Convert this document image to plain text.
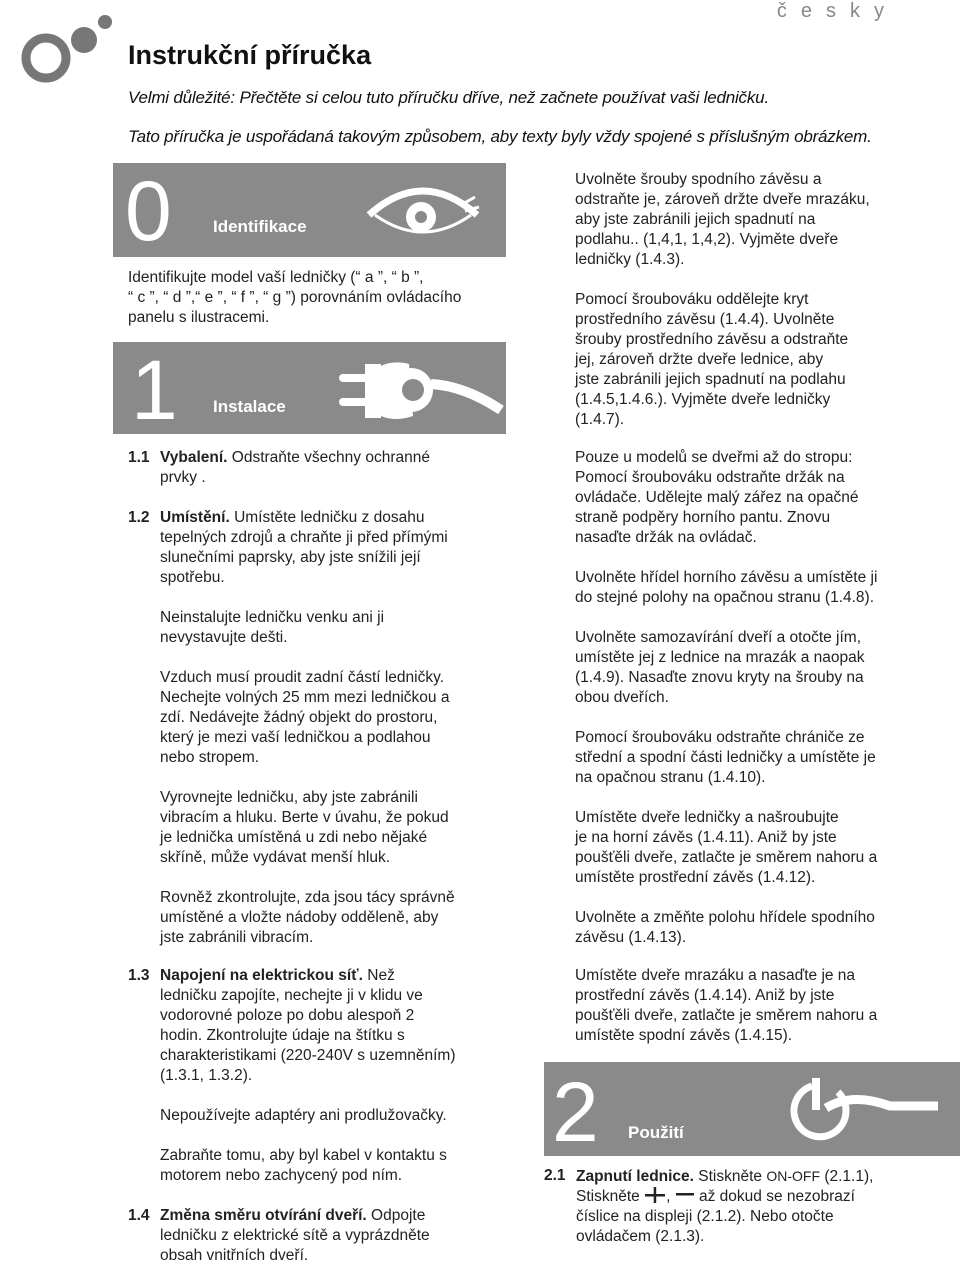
česky
Instrukční příručka
Velmi důležité: Přečtěte si celou tuto příručku dříve, než začnete používat vaši ledničku.
Tato příručka je uspořádaná takovým způsobem, aby texty byly vždy spojené s příslušným obrázkem.
0 Identifikace

Identifikujte model vaší ledničky (“ a ”, “ b ”,

“ c ”, “ d ”,“ e ”, “ f ”, “ g ”) porovnáním ovládacího

panelu s ilustracemi.

1 Instalace
1.1 Vybalení. Odstraňte všechny ochranné
prvky .
1.2 Umístění. Umístěte ledničku z dosahu
tepelných zdrojů a chraňte ji před přímými
slunečními paprsky, aby jste snížili její
spotřebu.
Neinstalujte ledničku venku ani ji
nevystavujte dešti.
Vzduch musí proudit zadní částí ledničky.
Nechejte volných 25 mm mezi ledničkou a
zdí. Nedávejte žádný objekt do prostoru,
který je mezi vaší ledničkou a podlahou
nebo stropem.
Vyrovnejte ledničku, aby jste zabránili
vibracím a hluku. Berte v úvahu, že pokud
je lednička umístěná u zdi nebo nějaké
skříně, může vydávat menší hluk.
Rovněž zkontrolujte, zda jsou tácy správně
umístěné a vložte nádoby odděleně, aby
jste zabránili vibracím.
1.3 Napojení na elektrickou síť. Než
ledničku zapojíte, nechejte ji v klidu ve
vodorovné poloze po dobu alespoň 2
hodin. Zkontrolujte údaje na štítku s
charakteristikami (220-240V s uzemněním)
(1.3.1, 1.3.2).
Nepoužívejte adaptéry ani prodlužovačky.
Zabraňte tomu, aby byl kabel v kontaktu s
motorem nebo zachycený pod ním.
1.4 Změna směru otvírání dveří. Odpojte
ledničku z elektrické sítě a vyprázdněte
obsah vnitřních dveří.
Uvolněte šrouby spodního závěsu a
odstraňte je, zároveň držte dveře mrazáku,
aby jste zabránili jejich spadnutí na
podlahu.. (1,4,1, 1,4,2). Vyjměte dveře
ledničky (1.4.3).
Pomocí šroubováku oddělejte kryt
prostředního závěsu (1.4.4). Uvolněte
šrouby prostředního závěsu a odstraňte
jej, zároveň držte dveře lednice, aby
jste zabránili jejich spadnutí na podlahu
(1.4.5,1.4.6.). Vyjměte dveře ledničky
(1.4.7).
Pouze u modelů se dveřmi až do stropu:
Pomocí šroubováku odstraňte držák na
ovládače. Udělejte malý zářez na opačné
straně podpěry horního pantu. Znovu
nasaďte držák na ovládač.
Uvolněte hřídel horního závěsu a umístěte ji
do stejné polohy na opačnou stranu (1.4.8).
Uvolněte samozavírání dveří a otočte jím,
umístěte jej z lednice na mrazák a naopak
(1.4.9). Nasaďte znovu kryty na šrouby na
obou dveřích.
Pomocí šroubováku odstraňte chrániče ze
střední a spodní části ledničky a umístěte je
na opačnou stranu (1.4.10).
Umístěte dveře ledničky a našroubujte
je na horní závěs (1.4.11). Aniž by jste
poušťěli dveře, zatlačte je směrem nahoru a
umístěte prostřední závěs (1.4.12).
Uvolněte a změňte polohu hřídele spodního
závěsu (1.4.13).
Umístěte dveře mrazáku a nasaďte je na
prostřední závěs (1.4.14). Aniž by jste
poušťěli dveře, zatlačte je směrem nahoru a
umístěte spodní závěs (1.4.15).
2 Použití
2.1 Zapnutí lednice. Stiskněte ON-OFF (2.1.1),
Stiskněte ,  až dokud se nezobrazí
číslice na displeji (2.1.2). Nebo otočte
ovládačem (2.1.3).
